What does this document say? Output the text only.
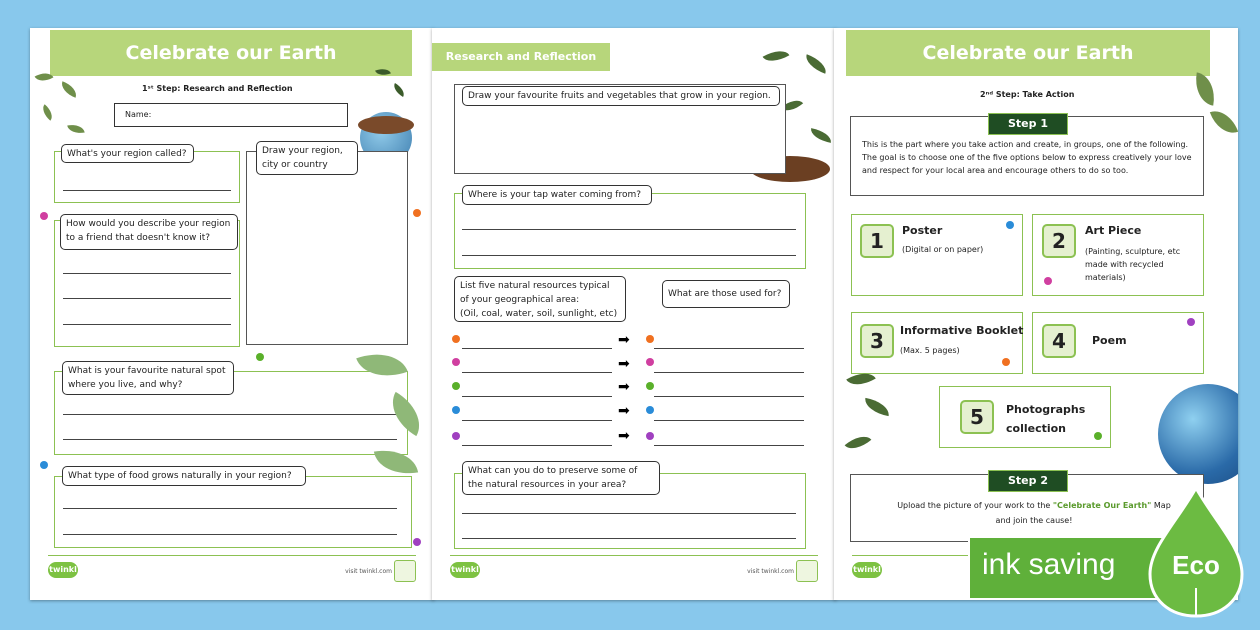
Celebrate our Earth
1ˢᵗ Step: Research and Reflection
Name:
What's your region called?	Draw your region, city or country
How would you describe your region to a friend that doesn't know it?
What is your favourite natural spot where you live, and why?
What type of food grows naturally in your region?
twinkl	visit twinkl.com
Research and Reflection
Draw your favourite fruits and vegetables that grow in your region.
Where is your tap water coming from?
List five natural resources typical of your geographical area:
(Oil, coal, water, soil, sunlight, etc)
What are those used for?
➡
➡
➡
➡
➡
What can you do to preserve some of the natural resources in your area?
twinkl	visit twinkl.com
Celebrate our Earth
2ⁿᵈ Step: Take Action
Step 1
This is the part where you take action and create, in groups, one of the following. The goal is to choose one of the five options below to express creatively your love and respect for your local area and encourage others to do so too.
1	Poster
(Digital or on paper)	2	Art Piece
(Painting, sculpture, etc made with recycled materials)
3	Informative Booklet
(Max. 5 pages)	4	Poem
5	Photographs collection
Step 2
Upload the picture of your work to the "Celebrate Our Earth" Map
and join the cause!
twinkl	ink saving	Eco
